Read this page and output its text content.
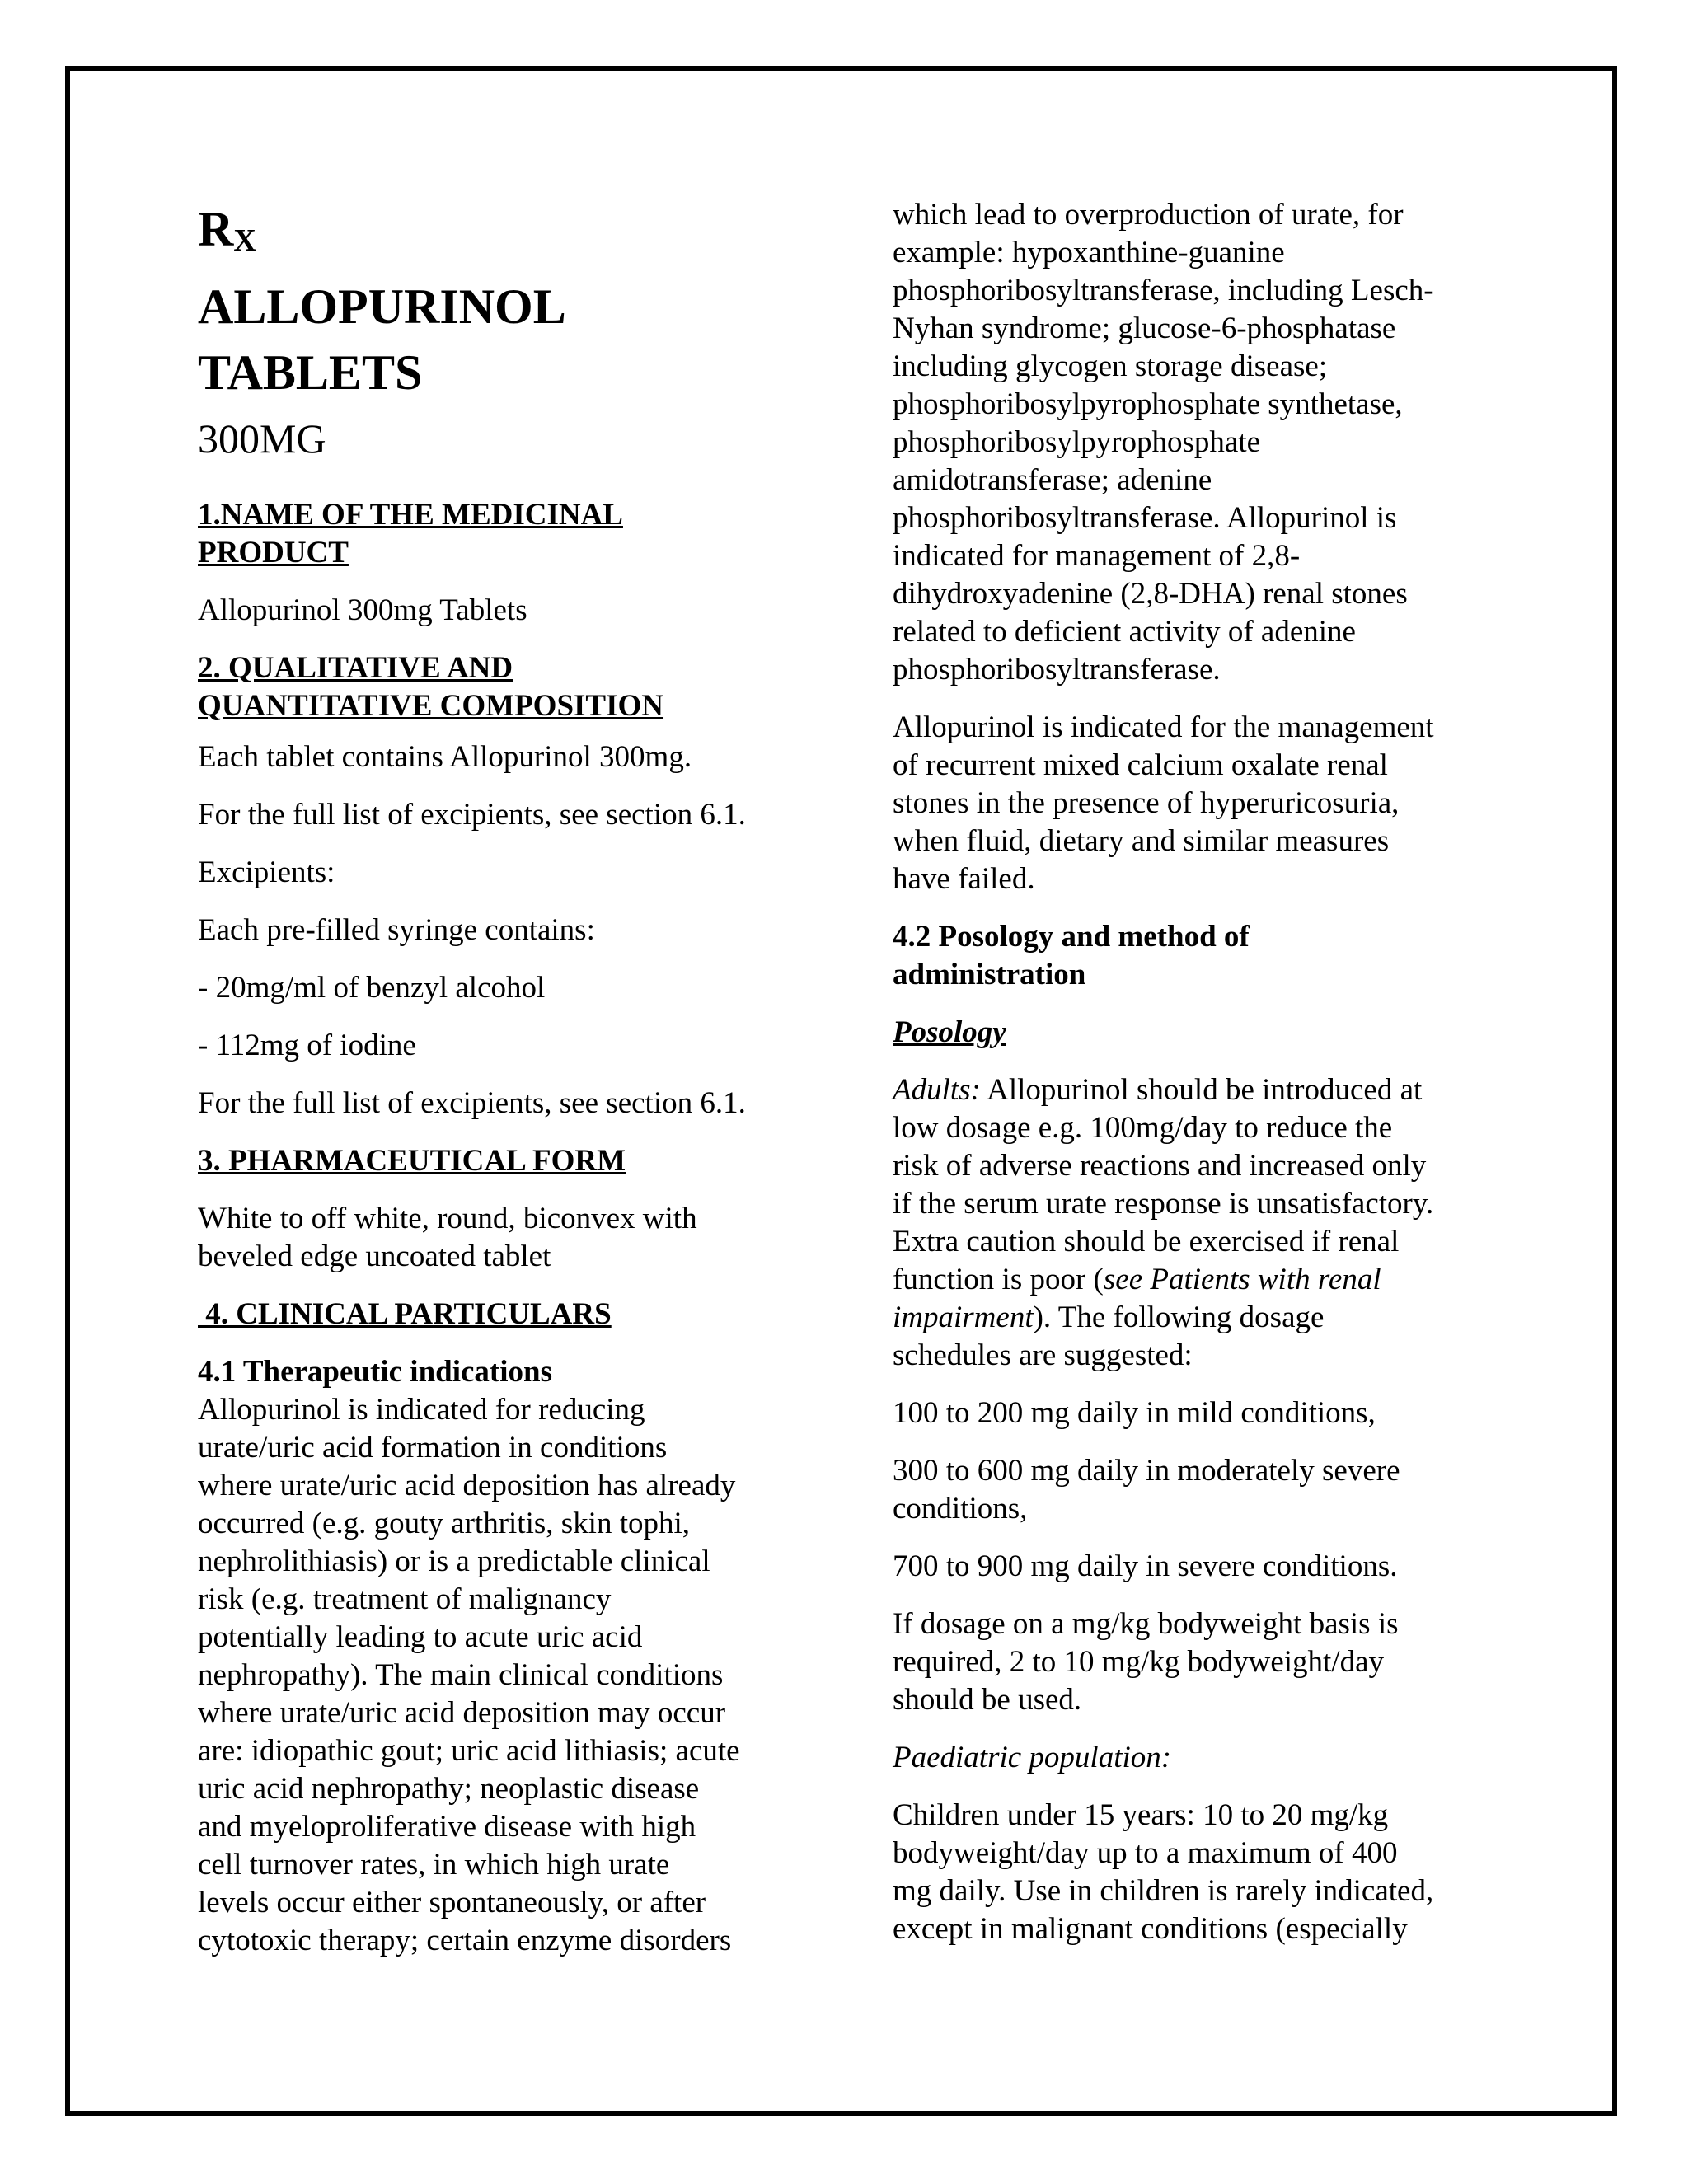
$R_X$
ALLOPURINOL
TABLETS
300MG
1.NAME OF THE MEDICINAL
PRODUCT
Allopurinol 300mg Tablets
2. QUALITATIVE AND
QUANTITATIVE COMPOSITION
Each tablet contains Allopurinol 300mg.
For the full list of excipients, see section 6.1.
Excipients:
Each pre-filled syringe contains:
- 20mg/ml of benzyl alcohol
- 112mg of iodine
For the full list of excipients, see section 6.1.
3. PHARMACEUTICAL FORM
White to off white, round, biconvex with
beveled edge uncoated tablet
4. CLINICAL PARTICULARS
4.1 Therapeutic indications
Allopurinol is indicated for reducing
urate/uric acid formation in conditions
where urate/uric acid deposition has already
occurred (e.g. gouty arthritis, skin tophi,
nephrolithiasis) or is a predictable clinical
risk (e.g. treatment of malignancy
potentially leading to acute uric acid
nephropathy). The main clinical conditions
where urate/uric acid deposition may occur
are: idiopathic gout; uric acid lithiasis; acute
uric acid nephropathy; neoplastic disease
and myeloproliferative disease with high
cell turnover rates, in which high urate
levels occur either spontaneously, or after
cytotoxic therapy; certain enzyme disorders
which lead to overproduction of urate, for
example: hypoxanthine-guanine
phosphoribosyltransferase, including Lesch-
Nyhan syndrome; glucose-6-phosphatase
including glycogen storage disease;
phosphoribosylpyrophosphate synthetase,
phosphoribosylpyrophosphate
amidotransferase; adenine
phosphoribosyltransferase. Allopurinol is
indicated for management of 2,8-
dihydroxyadenine (2,8-DHA) renal stones
related to deficient activity of adenine
phosphoribosyltransferase.
Allopurinol is indicated for the management
of recurrent mixed calcium oxalate renal
stones in the presence of hyperuricosuria,
when fluid, dietary and similar measures
have failed.
4.2 Posology and method of
administration
Posology
Adults: Allopurinol should be introduced at
low dosage e.g. 100mg/day to reduce the
risk of adverse reactions and increased only
if the serum urate response is unsatisfactory.
Extra caution should be exercised if renal
function is poor (see Patients with renal
impairment). The following dosage
schedules are suggested:
100 to 200 mg daily in mild conditions,
300 to 600 mg daily in moderately severe
conditions,
700 to 900 mg daily in severe conditions.
If dosage on a mg/kg bodyweight basis is
required, 2 to 10 mg/kg bodyweight/day
should be used.
Paediatric population:
Children under 15 years: 10 to 20 mg/kg
bodyweight/day up to a maximum of 400
mg daily. Use in children is rarely indicated,
except in malignant conditions (especially
